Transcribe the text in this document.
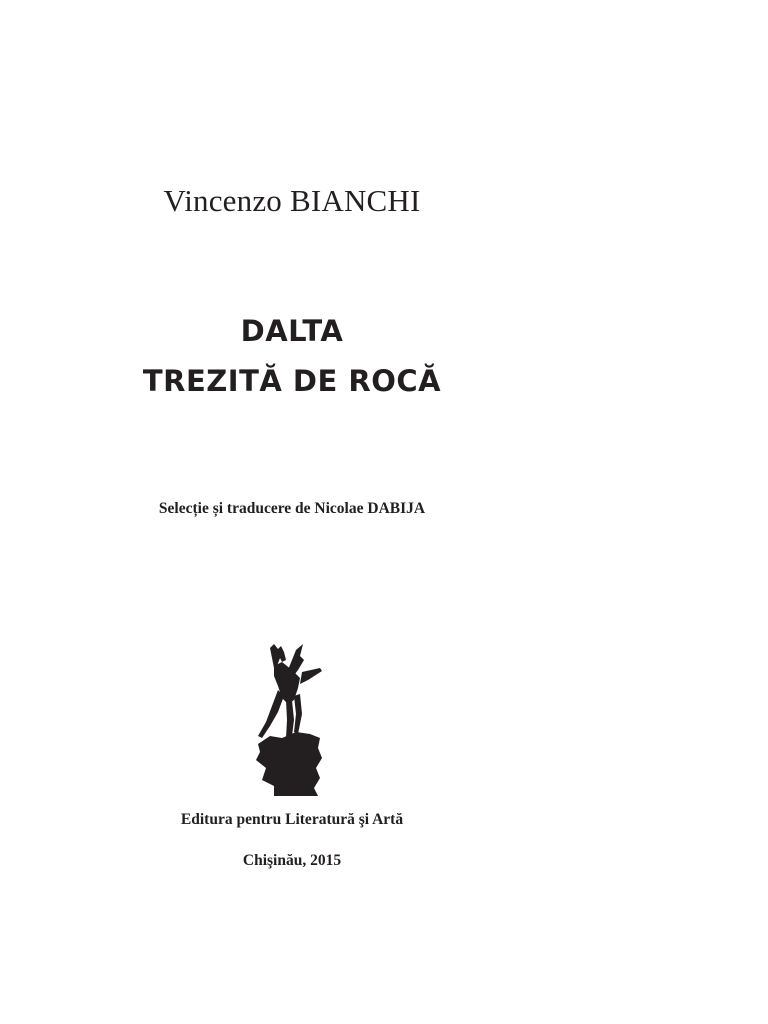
Vincenzo BIANCHI
DALTA
TREZITĂ DE ROCĂ
Selecție și traducere de Nicolae DABIJA
Editura pentru Literatură şi Artă
Chişinău, 2015
